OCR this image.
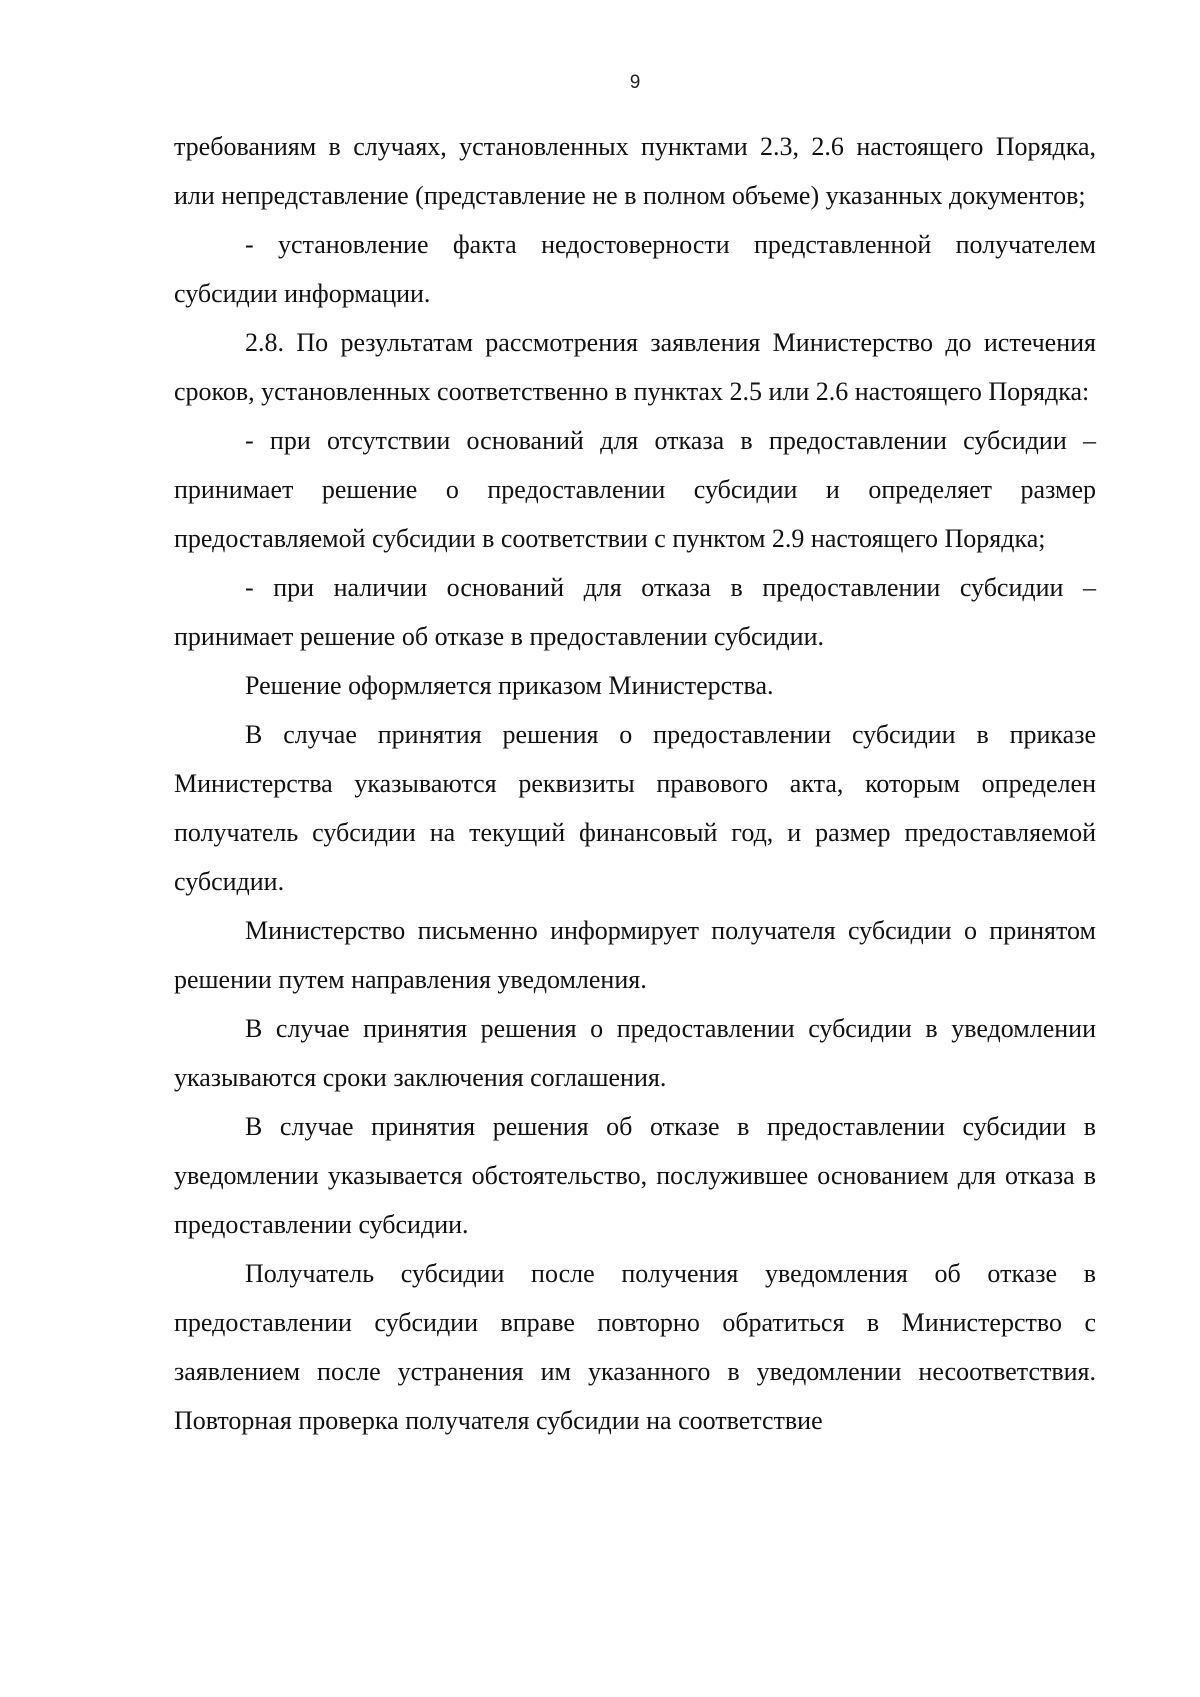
9

требованиям в случаях, установленных пунктами 2.3, 2.6 настоящего Порядка, или непредставление (представление не в полном объеме) указанных документов;

- установление факта недостоверности представленной получателем субсидии информации.

2.8. По результатам рассмотрения заявления Министерство до истечения сроков, установленных соответственно в пунктах 2.5 или 2.6 настоящего Порядка:

- при отсутствии оснований для отказа в предоставлении субсидии – принимает решение о предоставлении субсидии и определяет размер предоставляемой субсидии в соответствии с пунктом 2.9 настоящего Порядка;

- при наличии оснований для отказа в предоставлении субсидии – принимает решение об отказе в предоставлении субсидии.

Решение оформляется приказом Министерства.

В случае принятия решения о предоставлении субсидии в приказе Министерства указываются реквизиты правового акта, которым определен получатель субсидии на текущий финансовый год, и размер предоставляемой субсидии.

Министерство письменно информирует получателя субсидии о принятом решении путем направления уведомления.

В случае принятия решения о предоставлении субсидии в уведомлении указываются сроки заключения соглашения.

В случае принятия решения об отказе в предоставлении субсидии в уведомлении указывается обстоятельство, послужившее основанием для отказа в предоставлении субсидии.

Получатель субсидии после получения уведомления об отказе в предоставлении субсидии вправе повторно обратиться в Министерство с заявлением после устранения им указанного в уведомлении несоответствия. Повторная проверка получателя субсидии на соответствие
